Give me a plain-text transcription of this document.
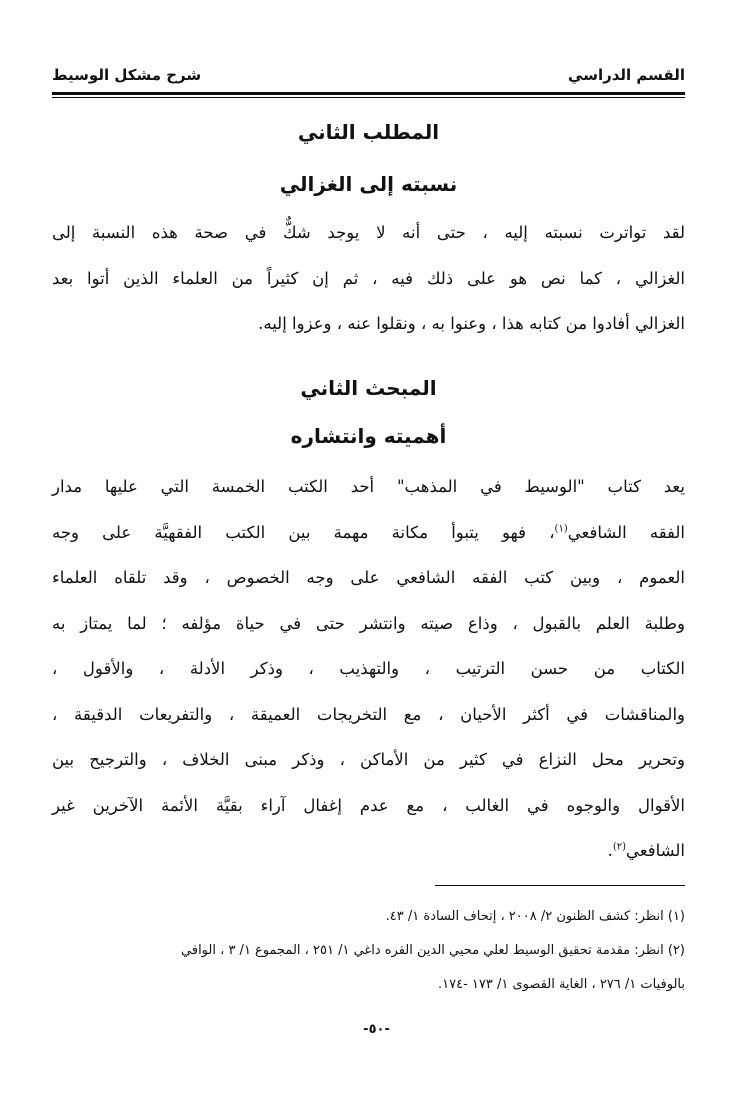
القسم الدراسي
شرح مشكل الوسيط
المطلب الثاني
نسبته إلى الغزالي
لقد تواترت نسبته إليه ، حتى أنه لا يوجد شكٌّ في صحة هذه النسبة إلى
الغزالي ، كما نص هو على ذلك فيه ، ثم إن كثيراً من العلماء الذين أتوا بعد
الغزالي أفادوا من كتابه هذا ، وعنوا به ، ونقلوا عنه ، وعزوا إليه.
المبحث الثاني
أهميته وانتشاره
يعد كتاب "الوسيط في المذهب" أحد الكتب الخمسة التي عليها مدار
الفقه الشافعي$^{(١)}$، فهو يتبوأ مكانة مهمة بين الكتب الفقهيَّة على وجه
العموم ، وبين كتب الفقه الشافعي على وجه الخصوص ، وقد تلقاه العلماء
وطلبة العلم بالقبول ، وذاع صيته وانتشر حتى في حياة مؤلفه ؛ لما يمتاز به
الكتاب من حسن الترتيب ، والتهذيب ، وذكر الأدلة ، والأقول ،
والمناقشات في أكثر الأحيان ، مع التخريجات العميقة ، والتفريعات الدقيقة ،
وتحرير محل النزاع في كثير من الأماكن ، وذكر مبنى الخلاف ، والترجيح بين
الأقوال والوجوه في الغالب ، مع عدم إغفال آراء بقيَّة الأئمة الآخرين غير
الشافعي$^{(٢)}$.
(١) انظر: كشف الظنون ٢/ ٢٠٠٨ ، إتحاف السادة ١/ ٤٣.
(٢) انظر: مقدمة تحقيق الوسيط لعلي محيي الدين القره داغي ١/ ٢٥١ ، المجموع ١/ ٣ ، الوافي
بالوفيات ١/ ٢٧٦ ، الغاية القصوى ١/ ١٧٣ -١٧٤.
-٥٠-
